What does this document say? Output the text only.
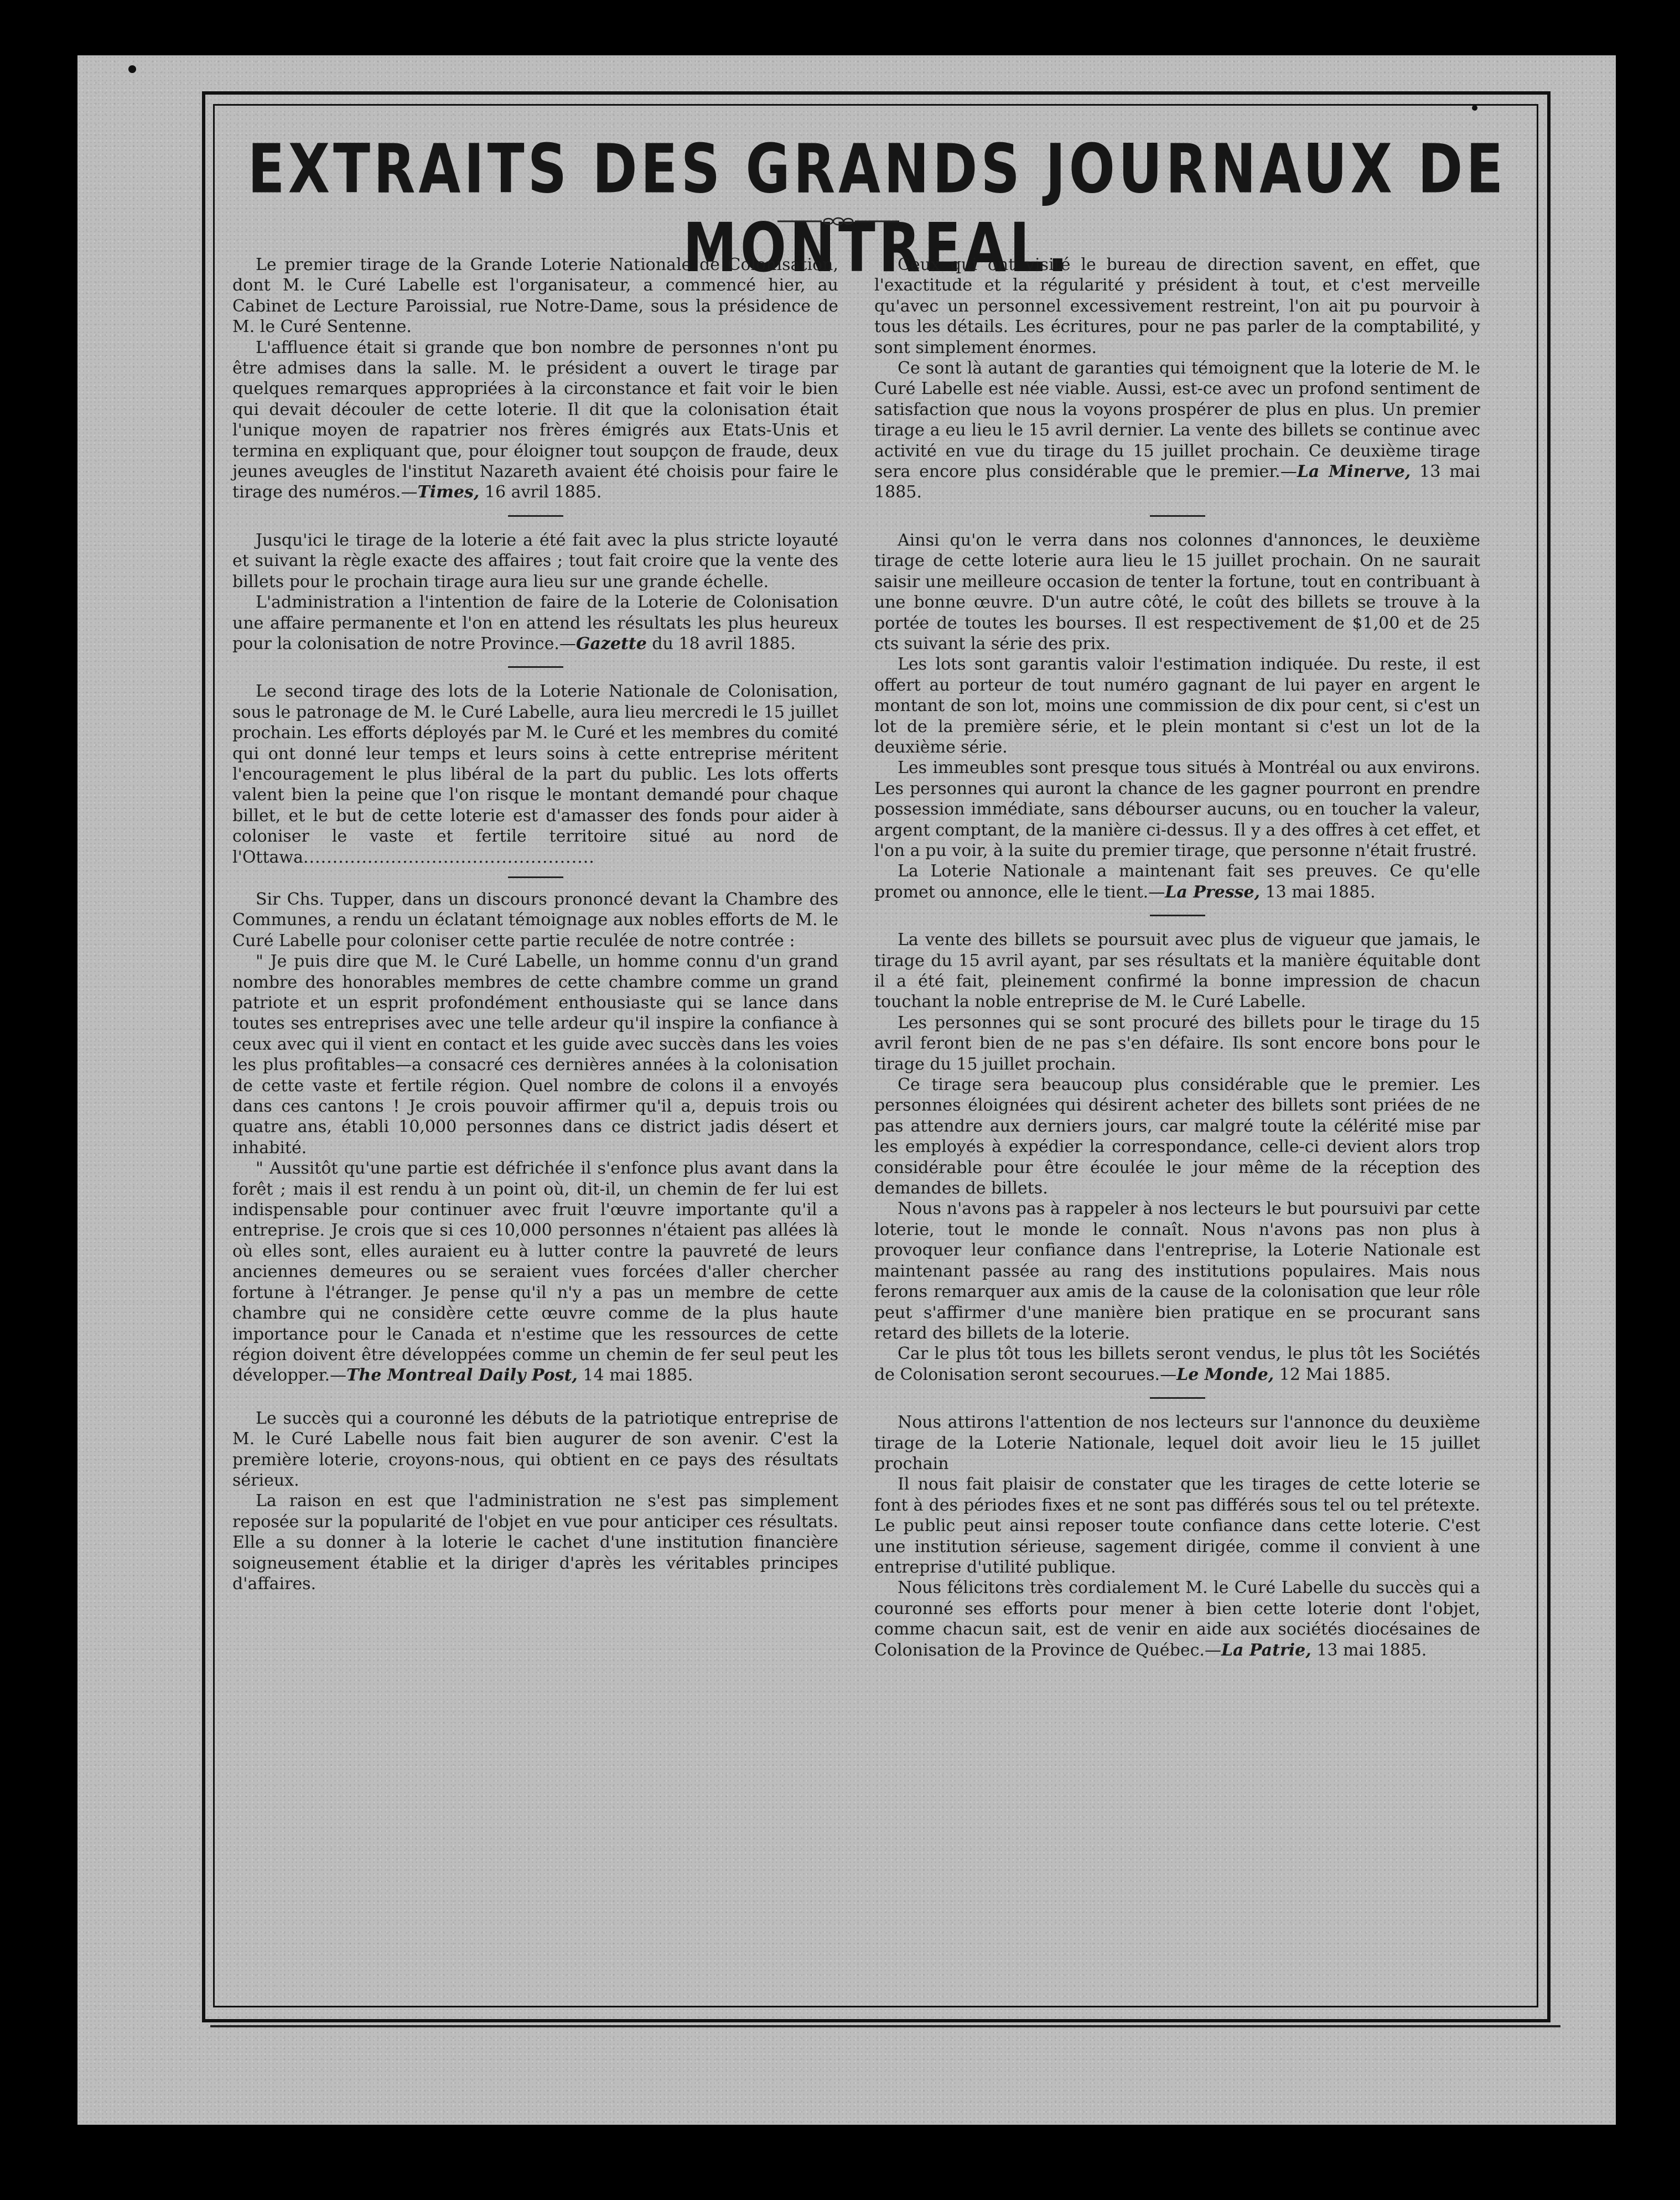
EXTRAITS DES GRANDS JOURNAUX DE MONTREAL.

Le premier tirage de la Grande Loterie Nationale de Colonisation, dont M. le Curé Labelle est l'organisateur, a commencé hier, au Cabinet de Lecture Paroissial, rue Notre-Dame, sous la présidence de M. le Curé Sentenne.

L'affluence était si grande que bon nombre de personnes n'ont pu être admises dans la salle. M. le président a ouvert le tirage par quelques remarques appropriées à la circonstance et fait voir le bien qui devait découler de cette loterie. Il dit que la colonisation était l'unique moyen de rapatrier nos frères émigrés aux Etats-Unis et termina en expliquant que, pour éloigner tout soupçon de fraude, deux jeunes aveugles de l'institut Nazareth avaient été choisis pour faire le tirage des numéros.—Times, 16 avril 1885.

Jusqu'ici le tirage de la loterie a été fait avec la plus stricte loyauté et suivant la règle exacte des affaires ; tout fait croire que la vente des billets pour le prochain tirage aura lieu sur une grande échelle.

L'administration a l'intention de faire de la Loterie de Colonisation une affaire permanente et l'on en attend les résultats les plus heureux pour la colonisation de notre Province.—Gazette du 18 avril 1885.

Le second tirage des lots de la Loterie Nationale de Colonisation, sous le patronage de M. le Curé Labelle, aura lieu mercredi le 15 juillet prochain. Les efforts déployés par M. le Curé et les membres du comité qui ont donné leur temps et leurs soins à cette entreprise méritent l'encouragement le plus libéral de la part du public. Les lots offerts valent bien la peine que l'on risque le montant demandé pour chaque billet, et le but de cette loterie est d'amasser des fonds pour aider à coloniser le vaste et fertile territoire situé au nord de l'Ottawa..................................................

Sir Chs. Tupper, dans un discours prononcé devant la Chambre des Communes, a rendu un éclatant témoignage aux nobles efforts de M. le Curé Labelle pour coloniser cette partie reculée de notre contrée :

" Je puis dire que M. le Curé Labelle, un homme connu d'un grand nombre des honorables membres de cette chambre comme un grand patriote et un esprit profondément enthousiaste qui se lance dans toutes ses entreprises avec une telle ardeur qu'il inspire la confiance à ceux avec qui il vient en contact et les guide avec succès dans les voies les plus profitables—a consacré ces dernières années à la colonisation de cette vaste et fertile région. Quel nombre de colons il a envoyés dans ces cantons ! Je crois pouvoir affirmer qu'il a, depuis trois ou quatre ans, établi 10,000 personnes dans ce district jadis désert et inhabité.

" Aussitôt qu'une partie est défrichée il s'enfonce plus avant dans la forêt ; mais il est rendu à un point où, dit-il, un chemin de fer lui est indispensable pour continuer avec fruit l'œuvre importante qu'il a entreprise. Je crois que si ces 10,000 personnes n'étaient pas allées là où elles sont, elles auraient eu à lutter contre la pauvreté de leurs anciennes demeures ou se seraient vues forcées d'aller chercher fortune à l'étranger. Je pense qu'il n'y a pas un membre de cette chambre qui ne considère cette œuvre comme de la plus haute importance pour le Canada et n'estime que les ressources de cette région doivent être développées comme un chemin de fer seul peut les développer.—The Montreal Daily Post, 14 mai 1885.

Le succès qui a couronné les débuts de la patriotique entreprise de M. le Curé Labelle nous fait bien augurer de son avenir. C'est la première loterie, croyons-nous, qui obtient en ce pays des résultats sérieux.

La raison en est que l'administration ne s'est pas simplement reposée sur la popularité de l'objet en vue pour anticiper ces résultats. Elle a su donner à la loterie le cachet d'une institution financière soigneusement établie et la diriger d'après les véritables principes d'affaires.

Ceux qui ont visité le bureau de direction savent, en effet, que l'exactitude et la régularité y président à tout, et c'est merveille qu'avec un personnel excessivement restreint, l'on ait pu pourvoir à tous les détails. Les écritures, pour ne pas parler de la comptabilité, y sont simplement énormes.

Ce sont là autant de garanties qui témoignent que la loterie de M. le Curé Labelle est née viable. Aussi, est-ce avec un profond sentiment de satisfaction que nous la voyons prospérer de plus en plus. Un premier tirage a eu lieu le 15 avril dernier. La vente des billets se continue avec activité en vue du tirage du 15 juillet prochain. Ce deuxième tirage sera encore plus considérable que le premier.—La Minerve, 13 mai 1885.

Ainsi qu'on le verra dans nos colonnes d'annonces, le deuxième tirage de cette loterie aura lieu le 15 juillet prochain. On ne saurait saisir une meilleure occasion de tenter la fortune, tout en contribuant à une bonne œuvre. D'un autre côté, le coût des billets se trouve à la portée de toutes les bourses. Il est respectivement de $1,00 et de 25 cts suivant la série des prix.

Les lots sont garantis valoir l'estimation indiquée. Du reste, il est offert au porteur de tout numéro gagnant de lui payer en argent le montant de son lot, moins une commission de dix pour cent, si c'est un lot de la première série, et le plein montant si c'est un lot de la deuxième série.

Les immeubles sont presque tous situés à Montréal ou aux environs. Les personnes qui auront la chance de les gagner pourront en prendre possession immédiate, sans débourser aucuns, ou en toucher la valeur, argent comptant, de la manière ci-dessus. Il y a des offres à cet effet, et l'on a pu voir, à la suite du premier tirage, que personne n'était frustré.

La Loterie Nationale a maintenant fait ses preuves. Ce qu'elle promet ou annonce, elle le tient.—La Presse, 13 mai 1885.

La vente des billets se poursuit avec plus de vigueur que jamais, le tirage du 15 avril ayant, par ses résultats et la manière équitable dont il a été fait, pleinement confirmé la bonne impression de chacun touchant la noble entreprise de M. le Curé Labelle.

Les personnes qui se sont procuré des billets pour le tirage du 15 avril feront bien de ne pas s'en défaire. Ils sont encore bons pour le tirage du 15 juillet prochain.

Ce tirage sera beaucoup plus considérable que le premier. Les personnes éloignées qui désirent acheter des billets sont priées de ne pas attendre aux derniers jours, car malgré toute la célérité mise par les employés à expédier la correspondance, celle-ci devient alors trop considérable pour être écoulée le jour même de la réception des demandes de billets.

Nous n'avons pas à rappeler à nos lecteurs le but poursuivi par cette loterie, tout le monde le connaît. Nous n'avons pas non plus à provoquer leur confiance dans l'entreprise, la Loterie Nationale est maintenant passée au rang des institutions populaires. Mais nous ferons remarquer aux amis de la cause de la colonisation que leur rôle peut s'affirmer d'une manière bien pratique en se procurant sans retard des billets de la loterie.

Car le plus tôt tous les billets seront vendus, le plus tôt les Sociétés de Colonisation seront secourues.—Le Monde, 12 Mai 1885.

Nous attirons l'attention de nos lecteurs sur l'annonce du deuxième tirage de la Loterie Nationale, lequel doit avoir lieu le 15 juillet prochain

Il nous fait plaisir de constater que les tirages de cette loterie se font à des périodes fixes et ne sont pas différés sous tel ou tel prétexte. Le public peut ainsi reposer toute confiance dans cette loterie. C'est une institution sérieuse, sagement dirigée, comme il convient à une entreprise d'utilité publique.

Nous félicitons très cordialement M. le Curé Labelle du succès qui a couronné ses efforts pour mener à bien cette loterie dont l'objet, comme chacun sait, est de venir en aide aux sociétés diocésaines de Colonisation de la Province de Québec.—La Patrie, 13 mai 1885.
